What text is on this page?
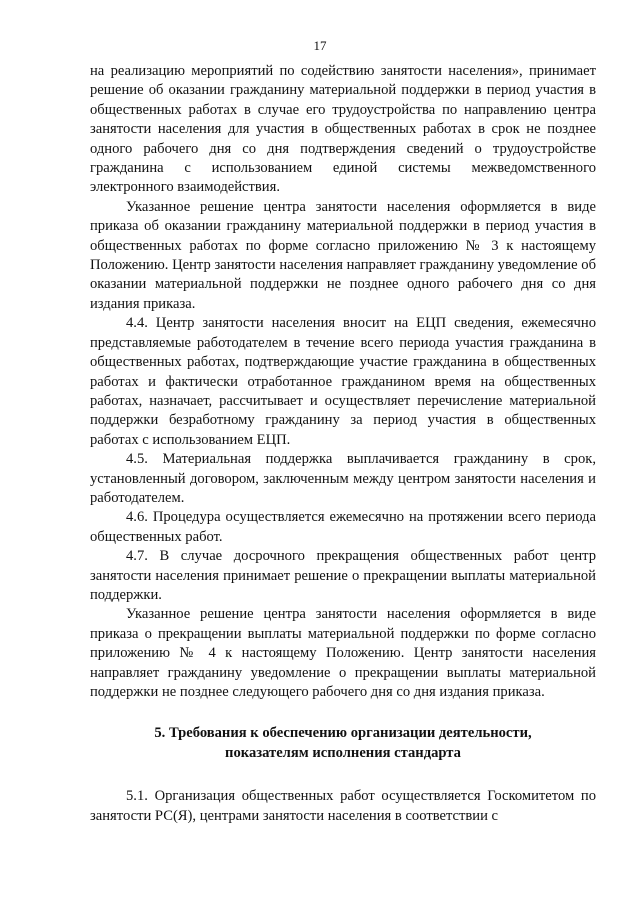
17

на реализацию мероприятий по содействию занятости населения», принимает решение об оказании гражданину материальной поддержки в период участия в общественных работах в случае его трудоустройства по направлению центра занятости населения для участия в общественных работах в срок не позднее одного рабочего дня со дня подтверждения сведений о трудоустройстве гражданина с использованием единой системы межведомственного электронного взаимодействия.

Указанное решение центра занятости населения оформляется в виде приказа об оказании гражданину материальной поддержки в период участия в общественных работах по форме согласно приложению № 3 к настоящему Положению. Центр занятости населения направляет гражданину уведомление об оказании материальной поддержки не позднее одного рабочего дня со дня издания приказа.

4.4. Центр занятости населения вносит на ЕЦП сведения, ежемесячно представляемые работодателем в течение всего периода участия гражданина в общественных работах, подтверждающие участие гражданина в общественных работах и фактически отработанное гражданином время на общественных работах, назначает, рассчитывает и осуществляет перечисление материальной поддержки безработному гражданину за период участия в общественных работах с использованием ЕЦП.

4.5. Материальная поддержка выплачивается гражданину в срок, установленный договором, заключенным между центром занятости населения и работодателем.

4.6. Процедура осуществляется ежемесячно на протяжении всего периода общественных работ.

4.7. В случае досрочного прекращения общественных работ центр занятости населения принимает решение о прекращении выплаты материальной поддержки.

Указанное решение центра занятости населения оформляется в виде приказа о прекращении выплаты материальной поддержки по форме согласно приложению № 4 к настоящему Положению. Центр занятости населения направляет гражданину уведомление о прекращении выплаты материальной поддержки не позднее следующего рабочего дня со дня издания приказа.

5. Требования к обеспечению организации деятельности,
показателям исполнения стандарта

5.1. Организация общественных работ осуществляется Госкомитетом по занятости РС(Я), центрами занятости населения в соответствии с
